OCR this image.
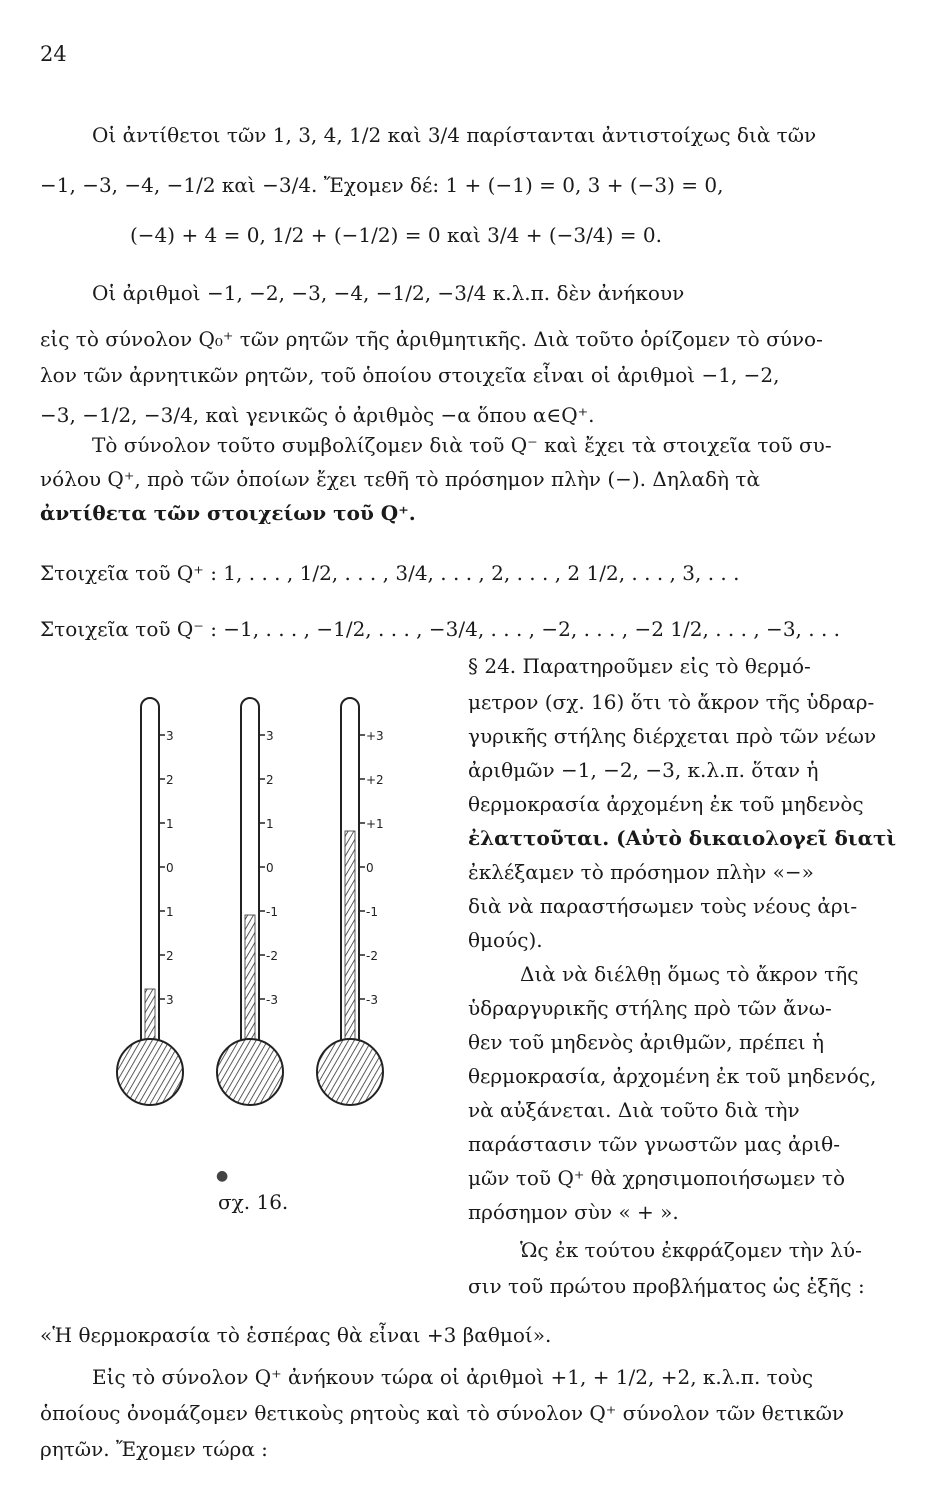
24
Οἱ ἀντίθετοι τῶν 1, 3, 4, 1/2 καὶ 3/4 παρίστανται ἀντιστοίχως διὰ τῶν
−1, −3, −4, −1/2 καὶ −3/4. Ἔχομεν δέ: 1 + (−1) = 0, 3 + (−3) = 0,
(−4) + 4 = 0, 1/2 + (−1/2) = 0 καὶ 3/4 + (−3/4) = 0.
Οἱ ἀριθμοὶ −1, −2, −3, −4, −1/2, −3/4 κ.λ.π. δὲν ἀνήκουν
εἰς τὸ σύνολον Q₀⁺ τῶν ρητῶν τῆς ἀριθμητικῆς. Διὰ τοῦτο ὁρίζομεν τὸ σύνο-
λον τῶν ἀρνητικῶν ρητῶν, τοῦ ὁποίου στοιχεῖα εἶναι οἱ ἀριθμοὶ −1, −2,
−3, −1/2, −3/4, καὶ γενικῶς ὁ ἀριθμὸς −α ὅπου α∈Q⁺.
Τὸ σύνολον τοῦτο συμβολίζομεν διὰ τοῦ Q⁻ καὶ ἔχει τὰ στοιχεῖα τοῦ συ-
νόλου Q⁺, πρὸ τῶν ὁποίων ἔχει τεθῆ τὸ πρόσημον πλὴν (−). Δηλαδὴ τὰ
ἀντίθετα τῶν στοιχείων τοῦ Q⁺.
Στοιχεῖα τοῦ Q⁺ : 1, . . . , 1/2, . . . , 3/4, . . . , 2, . . . , 2 1/2, . . . , 3, . . .
Στοιχεῖα τοῦ Q⁻ : −1, . . . , −1/2, . . . , −3/4, . . . , −2, . . . , −2 1/2, . . . , −3, . . .
§ 24. Παρατηροῦμεν εἰς τὸ θερμό-
μετρον (σχ. 16) ὅτι τὸ ἄκρον τῆς ὑδραρ-
γυρικῆς στήλης διέρχεται πρὸ τῶν νέων
ἀριθμῶν −1, −2, −3, κ.λ.π. ὅταν ἡ
θερμοκρασία ἀρχομένη ἐκ τοῦ μηδενὸς
ἐλαττοῦται. (Αὐτὸ δικαιολογεῖ διατὶ
ἐκλέξαμεν τὸ πρόσημον πλὴν «−»
διὰ νὰ παραστήσωμεν τοὺς νέους ἀρι-
θμούς).
Διὰ νὰ διέλθῃ ὅμως τὸ ἄκρον τῆς
ὑδραργυρικῆς στήλης πρὸ τῶν ἄνω-
θεν τοῦ μηδενὸς ἀριθμῶν, πρέπει ἡ
θερμοκρασία, ἀρχομένη ἐκ τοῦ μηδενός,
νὰ αὐξάνεται. Διὰ τοῦτο διὰ τὴν
παράστασιν τῶν γνωστῶν μας ἀριθ-
μῶν τοῦ Q⁺ θὰ χρησιμοποιήσωμεν τὸ
πρόσημον σὺν « + ».
Ὡς ἐκ τούτου ἐκφράζομεν τὴν λύ-
σιν τοῦ πρώτου προβλήματος ὡς ἑξῆς :
«Ἡ θερμοκρασία τὸ ἑσπέρας θὰ εἶναι +3 βαθμοί».
Εἰς τὸ σύνολον Q⁺ ἀνήκουν τώρα οἱ ἀριθμοὶ +1, + 1/2, +2, κ.λ.π. τοὺς
ὁποίους ὀνομάζομεν θετικοὺς ρητοὺς καὶ τὸ σύνολον Q⁺ σύνολον τῶν θετικῶν
ρητῶν. Ἔχομεν τώρα :
3
2
1
0
1
2
3
3
2
1
0
-1
-2
-3
+3
+2
+1
0
-1
-2
-3
σχ. 16.
●
